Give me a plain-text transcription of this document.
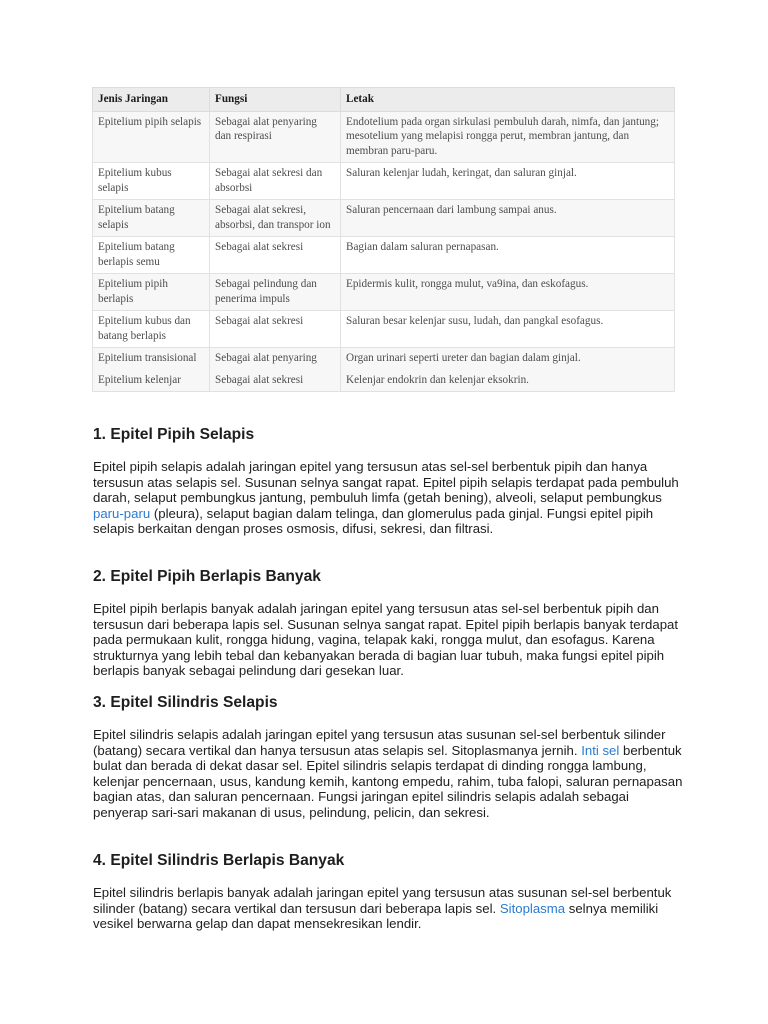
Jenis Jaringan	Fungsi	Letak
Epitelium pipih selapis	Sebagai alat penyaring dan respirasi	Endotelium pada organ sirkulasi pembuluh darah, nimfa, dan jantung; mesotelium yang melapisi rongga perut, membran jantung, dan membran paru-paru.
Epitelium kubus selapis	Sebagai alat sekresi dan absorbsi	Saluran kelenjar ludah, keringat, dan saluran ginjal.
Epitelium batang selapis	Sebagai alat sekresi, absorbsi, dan transpor ion	Saluran pencernaan dari lambung sampai anus.
Epitelium batang berlapis semu	Sebagai alat sekresi	Bagian dalam saluran pernapasan.
Epitelium pipih berlapis	Sebagai pelindung dan penerima impuls	Epidermis kulit, rongga mulut, va9ina, dan eskofagus.
Epitelium kubus dan batang berlapis	Sebagai alat sekresi	Saluran besar kelenjar susu, ludah, dan pangkal esofagus.
Epitelium transisional	Sebagai alat penyaring	Organ urinari seperti ureter dan bagian dalam ginjal.
Epitelium kelenjar	Sebagai alat sekresi	Kelenjar endokrin dan kelenjar eksokrin.
1. Epitel Pipih Selapis

Epitel pipih selapis adalah jaringan epitel yang tersusun atas sel-sel berbentuk pipih dan hanya tersusun atas selapis sel. Susunan selnya sangat rapat. Epitel pipih selapis terdapat pada pembuluh darah, selaput pembungkus jantung, pembuluh limfa (getah bening), alveoli, selaput pembungkus paru-paru (pleura), selaput bagian dalam telinga, dan glomerulus pada ginjal. Fungsi epitel pipih selapis berkaitan dengan proses osmosis, difusi, sekresi, dan filtrasi.

2. Epitel Pipih Berlapis Banyak

Epitel pipih berlapis banyak adalah jaringan epitel yang tersusun atas sel-sel berbentuk pipih dan tersusun dari beberapa lapis sel. Susunan selnya sangat rapat. Epitel pipih berlapis banyak terdapat pada permukaan kulit, rongga hidung, vagina, telapak kaki, rongga mulut, dan esofagus. Karena strukturnya yang lebih tebal dan kebanyakan berada di bagian luar tubuh, maka fungsi epitel pipih berlapis banyak sebagai pelindung dari gesekan luar.

3. Epitel Silindris Selapis

Epitel silindris selapis adalah jaringan epitel yang tersusun atas susunan sel-sel berbentuk silinder (batang) secara vertikal dan hanya tersusun atas selapis sel. Sitoplasmanya jernih. Inti sel berbentuk bulat dan berada di dekat dasar sel. Epitel silindris selapis terdapat di dinding rongga lambung, kelenjar pencernaan, usus, kandung kemih, kantong empedu, rahim, tuba falopi, saluran pernapasan bagian atas, dan saluran pencernaan. Fungsi jaringan epitel silindris selapis adalah sebagai penyerap sari-sari makanan di usus, pelindung, pelicin, dan sekresi.

4. Epitel Silindris Berlapis Banyak

Epitel silindris berlapis banyak adalah jaringan epitel yang tersusun atas susunan sel-sel berbentuk silinder (batang) secara vertikal dan tersusun dari beberapa lapis sel. Sitoplasma selnya memiliki vesikel berwarna gelap dan dapat mensekresikan lendir.
